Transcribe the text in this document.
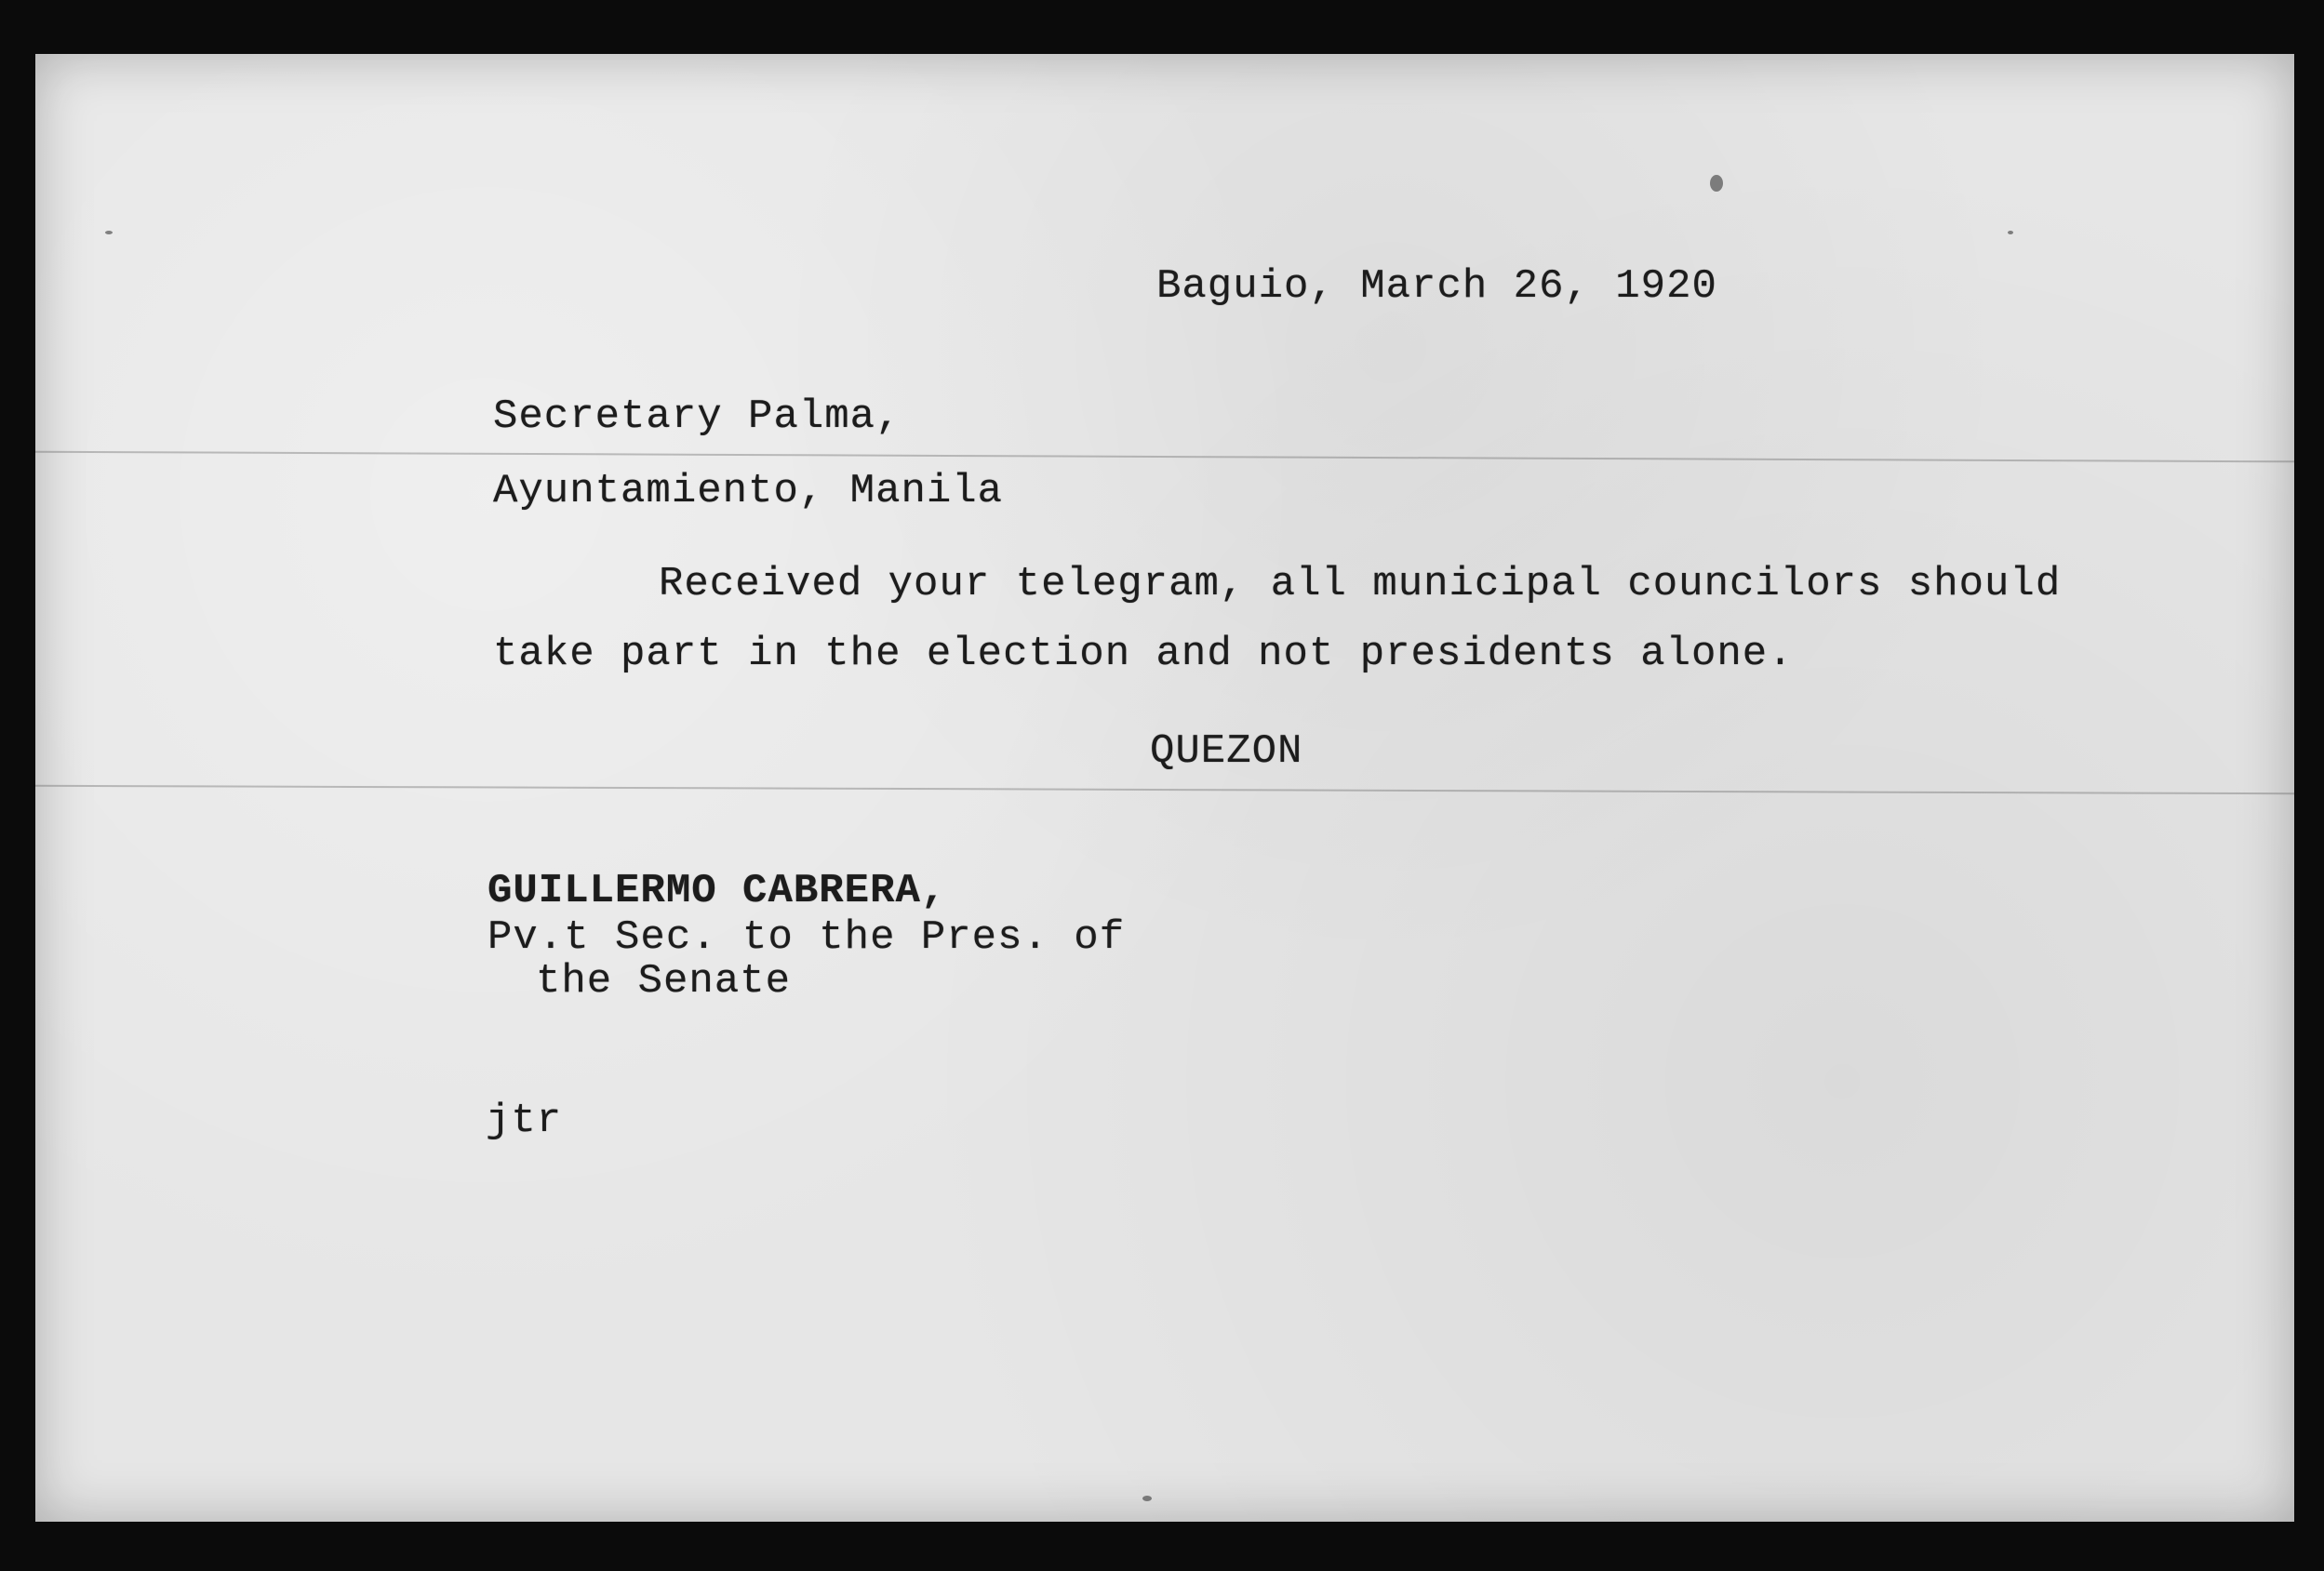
Baguio, March 26, 1920
Secretary Palma,
Ayuntamiento, Manila
Received your telegram, all municipal councilors should
take part in the election and not presidents alone.
QUEZON
GUILLERMO CABRERA,
Pv.t Sec. to the Pres. of
the Senate
jtr
